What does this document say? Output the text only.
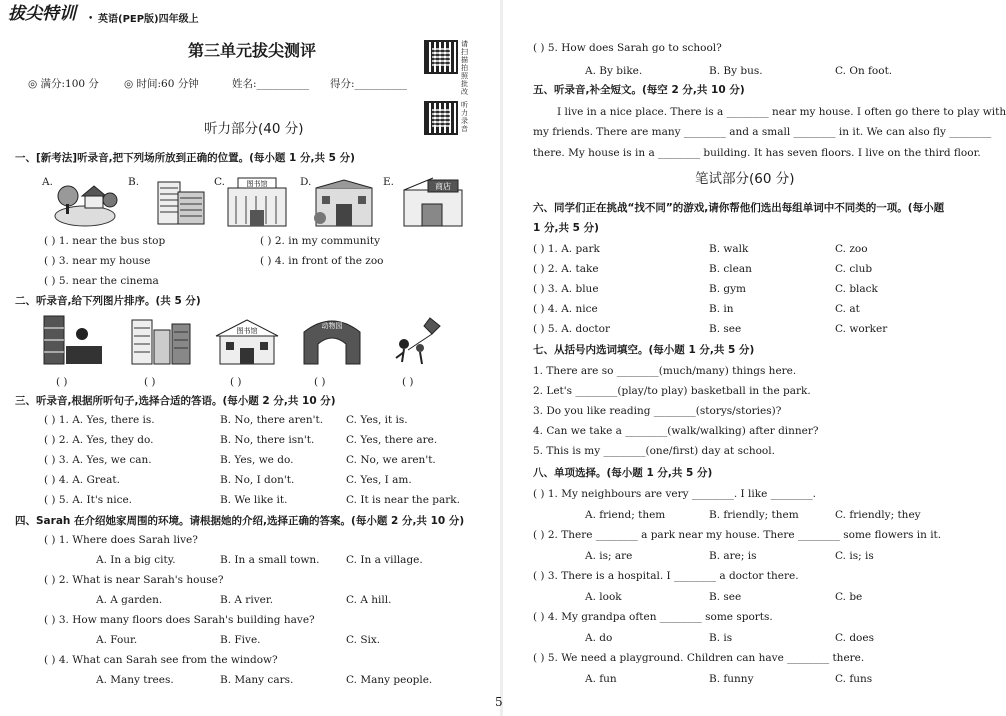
拔尖特训 • 英语(PEP版)四年级上
第三单元拔尖测评	请扫描拍照批改
听力录音
◎ 满分:100 分 ◎ 时间:60 分钟	姓名:__________ 得分:__________
听力部分(40 分)
一、[新考法]听录音,把下列场所放到正确的位置。(每小题 1 分,共 5 分)
A.	B.	C.	D.	E.
图书馆	商店
( ) 1. near the bus stop	( ) 2. in my community
( ) 3. near my house	( ) 4. in front of the zoo
( ) 5. near the cinema
二、听录音,给下列图片排序。(共 5 分)
图书馆
动物园
( )	( )	( )	( )	( )
三、听录音,根据所听句子,选择合适的答语。(每小题 2 分,共 10 分)
四、Sarah 在介绍她家周围的环境。请根据她的介绍,选择正确的答案。(每小题 2 分,共 10 分)
( ) 1. A. Yes, there is.	B. No, there aren't. C. Yes, it is.
( ) 2. A. Yes, they do.	B. No, there isn't.	C. Yes, there are.
( ) 3. A. Yes, we can.	B. Yes, we do.	C. No, we aren't.
( ) 4. A. Great.	B. No, I don't.	C. Yes, I am.
( ) 5. A. It's nice.	B. We like it.	C. It is near the park.
( ) 1. Where does Sarah live?
A. In a big city.	B. In a small town.	C. In a village.
( ) 2. What is near Sarah's house?
A. A garden.	B. A river.	C. A hill.
( ) 3. How many floors does Sarah's building have?
A. Four.	B. Five.	C. Six.
( ) 4. What can Sarah see from the window?
A. Many trees.	B. Many cars.	C. Many people.
五、听录音,补全短文。(每空 2 分,共 10 分)
I live in a nice place. There is a ________ near my house. I often go there to play with
my friends. There are many ________ and a small ________ in it. We can also fly ________
there. My house is in a ________ building. It has seven floors. I live on the third floor.
笔试部分(60 分)
六、同学们正在挑战“找不同”的游戏,请你帮他们选出每组单词中不同类的一项。(每小题
1 分,共 5 分)
七、从括号内选词填空。(每小题 1 分,共 5 分)
八、单项选择。(每小题 1 分,共 5 分)
5
( ) 5. How does Sarah go to school?
A. By bike.	B. By bus.	C. On foot.
( ) 1. A. park	B. walk	C. zoo
( ) 2. A. take	B. clean	C. club
( ) 3. A. blue	B. gym	C. black
( ) 4. A. nice	B. in	C. at
( ) 5. A. doctor	B. see	C. worker
1. There are so ________(much/many) things here.
2. Let's ________(play/to play) basketball in the park.
3. Do you like reading ________(storys/stories)?
4. Can we take a ________(walk/walking) after dinner?
5. This is my ________(one/first) day at school.
( ) 1. My neighbours are very ________. I like ________.
A. friend; them	B. friendly; them	C. friendly; they
( ) 2. There ________ a park near my house. There ________ some flowers in it.
A. is; are	B. are; is	C. is; is
( ) 3. There is a hospital. I ________ a doctor there.
A. look	B. see	C. be
( ) 4. My grandpa often ________ some sports.
A. do	B. is	C. does
( ) 5. We need a playground. Children can have ________ there.
A. fun	B. funny	C. funs
